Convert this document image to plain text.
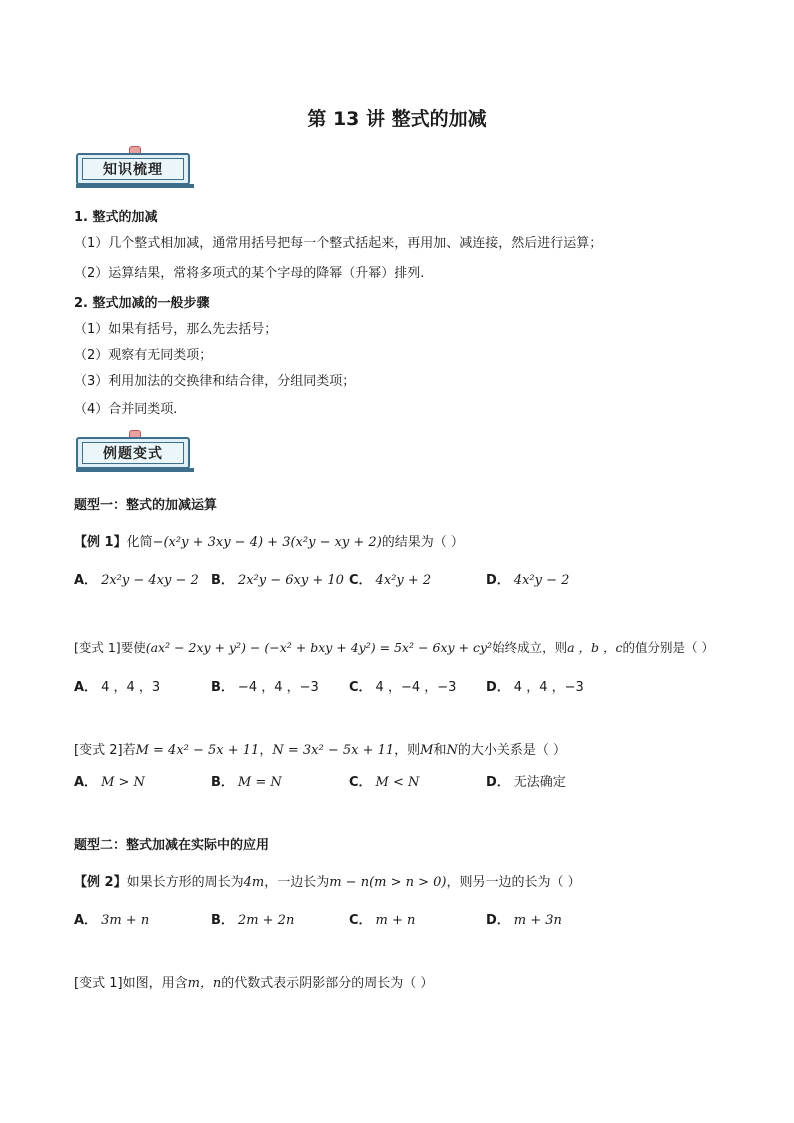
第 13 讲 整式的加减
知识梳理
1. 整式的加减
（1）几个整式相加减，通常用括号把每一个整式括起来，再用加、减连接，然后进行运算；
（2）运算结果，常将多项式的某个字母的降幂（升幂）排列.
2. 整式加减的一般步骤
（1）如果有括号，那么先去括号；
（2）观察有无同类项；
（3）利用加法的交换律和结合律，分组同类项；
（4）合并同类项.
例题变式
题型一：整式的加减运算
【例 1】化简−(x²y + 3xy − 4) + 3(x²y − xy + 2)的结果为（ ）
A． 2x²y − 4xy − 2 B． 2x²y − 6xy + 10 C． 4x²y + 2	D． 4x²y − 2
[变式 1]要使(ax² − 2xy + y²) − (−x² + bxy + 4y²) = 5x² − 6xy + cy²始终成立，则a ，b ，c的值分别是（ ）
A． 4 ，4 ，3	B． −4 ，4 ，−3 C． 4 ，−4 ，−3 D． 4 ，4 ，−3
[变式 2]若M = 4x² − 5x + 11，N = 3x² − 5x + 11，则M和N的大小关系是（ ）
A． M > N	B． M = N	C． M < N	D． 无法确定
题型二：整式加减在实际中的应用
【例 2】如果长方形的周长为4m，一边长为m − n(m > n > 0)，则另一边的长为（ ）
A． 3m + n	B． 2m + 2n	C． m + n	D． m + 3n
[变式 1]如图，用含m，n的代数式表示阴影部分的周长为（ ）
